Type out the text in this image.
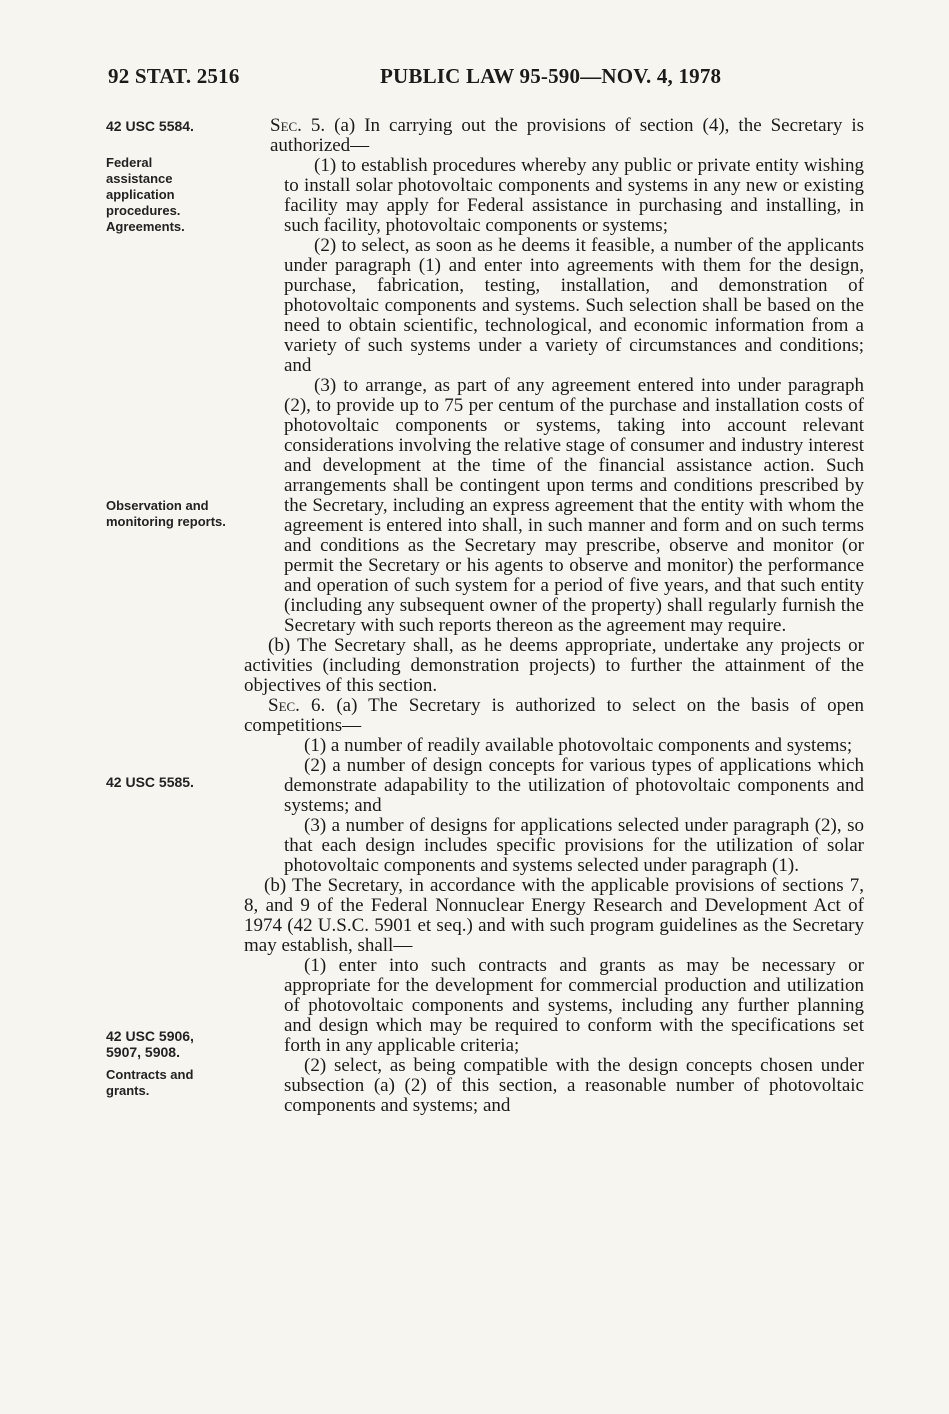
92 STAT. 2516	PUBLIC LAW 95-590—NOV. 4, 1978
42 USC 5584.
Federal assistance application procedures. Agreements.
Observation and monitoring reports.
42 USC 5585.
42 USC 5906, 5907, 5908.
Contracts and grants.

Sec. 5. (a) In carrying out the provisions of section (4), the Secretary is authorized—

(1) to establish procedures whereby any public or private entity wishing to install solar photovoltaic components and systems in any new or existing facility may apply for Federal assistance in purchasing and installing, in such facility, photovoltaic components or systems;

(2) to select, as soon as he deems it feasible, a number of the applicants under paragraph (1) and enter into agreements with them for the design, purchase, fabrication, testing, installation, and demonstration of photovoltaic components and systems. Such selection shall be based on the need to obtain scientific, technological, and economic information from a variety of such systems under a variety of circumstances and conditions; and

(3) to arrange, as part of any agreement entered into under paragraph (2), to provide up to 75 per centum of the purchase and installation costs of photovoltaic components or systems, taking into account relevant considerations involving the relative stage of consumer and industry interest and development at the time of the financial assistance action. Such arrangements shall be contingent upon terms and conditions prescribed by the Secretary, including an express agreement that the entity with whom the agreement is entered into shall, in such manner and form and on such terms and conditions as the Secretary may prescribe, observe and monitor (or permit the Secretary or his agents to observe and monitor) the performance and operation of such system for a period of five years, and that such entity (including any subsequent owner of the property) shall regularly furnish the Secretary with such reports thereon as the agreement may require.

(b) The Secretary shall, as he deems appropriate, undertake any projects or activities (including demonstration projects) to further the attainment of the objectives of this section.

Sec. 6. (a) The Secretary is authorized to select on the basis of open competitions—

(1) a number of readily available photovoltaic components and systems;

(2) a number of design concepts for various types of applications which demonstrate adapability to the utilization of photovoltaic components and systems; and

(3) a number of designs for applications selected under paragraph (2), so that each design includes specific provisions for the utilization of solar photovoltaic components and systems selected under paragraph (1).

(b) The Secretary, in accordance with the applicable provisions of sections 7, 8, and 9 of the Federal Nonnuclear Energy Research and Development Act of 1974 (42 U.S.C. 5901 et seq.) and with such program guidelines as the Secretary may establish, shall—

(1) enter into such contracts and grants as may be necessary or appropriate for the development for commercial production and utilization of photovoltaic components and systems, including any further planning and design which may be required to conform with the specifications set forth in any applicable criteria;

(2) select, as being compatible with the design concepts chosen under subsection (a) (2) of this section, a reasonable number of photovoltaic components and systems; and
